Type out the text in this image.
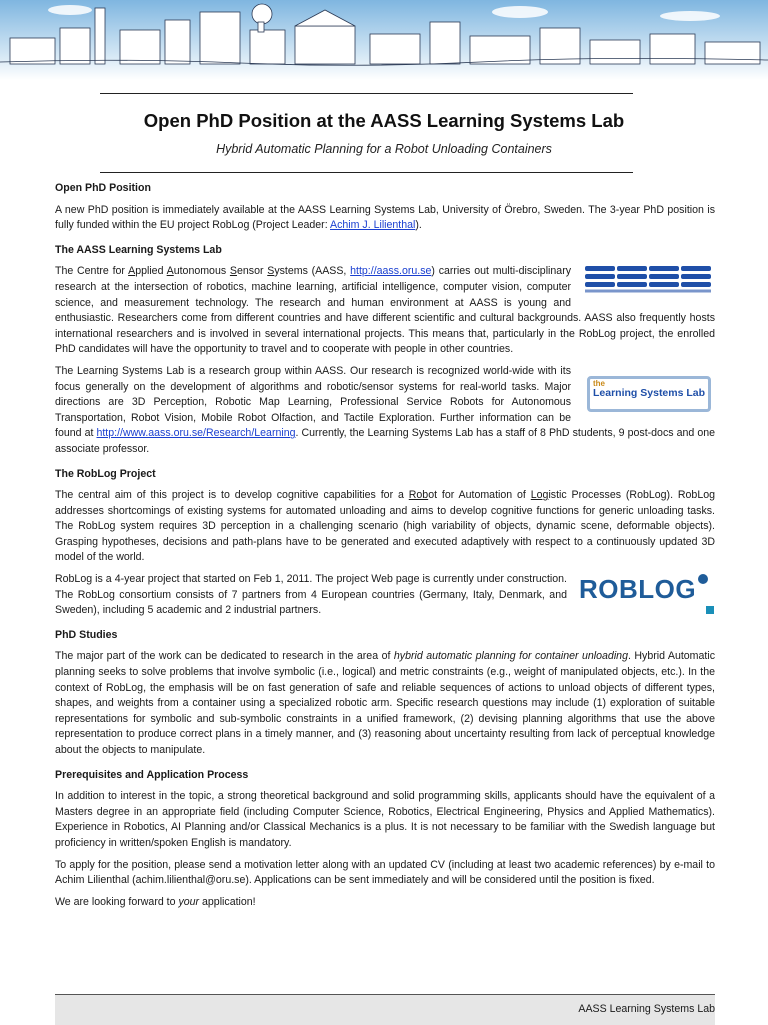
Open PhD Position at the AASS Learning Systems Lab
Hybrid Automatic Planning for a Robot Unloading Containers
Open PhD Position

A new PhD position is immediately available at the AASS Learning Systems Lab, University of Örebro, Sweden. The 3-year PhD position is fully funded within the EU project RobLog (Project Leader: Achim J. Lilienthal).

The AASS Learning Systems Lab

The Centre for Applied Autonomous Sensor Systems (AASS, http://aass.oru.se) carries out multi-disciplinary research at the intersection of robotics, machine learning, artificial intelligence, computer vision, computer science, and measurement technology. The research and human environment at AASS is young and enthusiastic. Researchers come from different countries and have different scientific and cultural backgrounds. AASS also frequently hosts international researchers and is involved in several international projects. This means that, particularly in the RobLog project, the enrolled PhD candidates will have the opportunity to travel and to cooperate with people in other countries.

the
Learning Systems Lab

The Learning Systems Lab is a research group within AASS. Our research is recognized world-wide with its focus generally on the development of algorithms and robotic/sensor systems for real-world tasks. Major directions are 3D Perception, Robotic Map Learning, Professional Service Robots for Autonomous Transportation, Robot Vision, Mobile Robot Olfaction, and Tactile Exploration. Further information can be found at http://www.aass.oru.se/Research/Learning. Currently, the Learning Systems Lab has a staff of 8 PhD students, 9 post-docs and one associate professor.

The RobLog Project

The central aim of this project is to develop cognitive capabilities for a Robot for Automation of Logistic Processes (RobLog). RobLog addresses shortcomings of existing systems for automated unloading and aims to develop cognitive functions for generic unloading tasks. The RobLog system requires 3D perception in a challenging scenario (high variability of objects, dynamic scene, deformable objects). Grasping hypotheses, decisions and path-plans have to be generated and executed adaptively with respect to a continuously updated 3D model of the world.

ROBLOG

RobLog is a 4-year project that started on Feb 1, 2011. The project Web page is currently under construction. The RobLog consortium consists of 7 partners from 4 European countries (Germany, Italy, Denmark, and Sweden), including 5 academic and 2 industrial partners.

PhD Studies

The major part of the work can be dedicated to research in the area of hybrid automatic planning for container unloading. Hybrid Automatic planning seeks to solve problems that involve symbolic (i.e., logical) and metric constraints (e.g., weight of manipulated objects, etc.). In the context of RobLog, the emphasis will be on fast generation of safe and reliable sequences of actions to unload objects of different types, shapes, and weights from a container using a specialized robotic arm. Specific research questions may include (1) exploration of suitable representations for symbolic and sub-symbolic constraints in a unified framework, (2) devising planning algorithms that use the above representation to produce correct plans in a timely manner, and (3) reasoning about uncertainty resulting from lack of perceptual knowledge about the objects to manipulate.

Prerequisites and Application Process

In addition to interest in the topic, a strong theoretical background and solid programming skills, applicants should have the equivalent of a Masters degree in an appropriate field (including Computer Science, Robotics, Electrical Engineering, Physics and Applied Mathematics). Experience in Robotics, AI Planning and/or Classical Mechanics is a plus. It is not necessary to be familiar with the Swedish language but proficiency in written/spoken English is mandatory.

To apply for the position, please send a motivation letter along with an updated CV (including at least two academic references) by e-mail to Achim Lilienthal (achim.lilienthal@oru.se). Applications can be sent immediately and will be considered until the position is fixed.

We are looking forward to your application!

AASS Learning Systems Lab
